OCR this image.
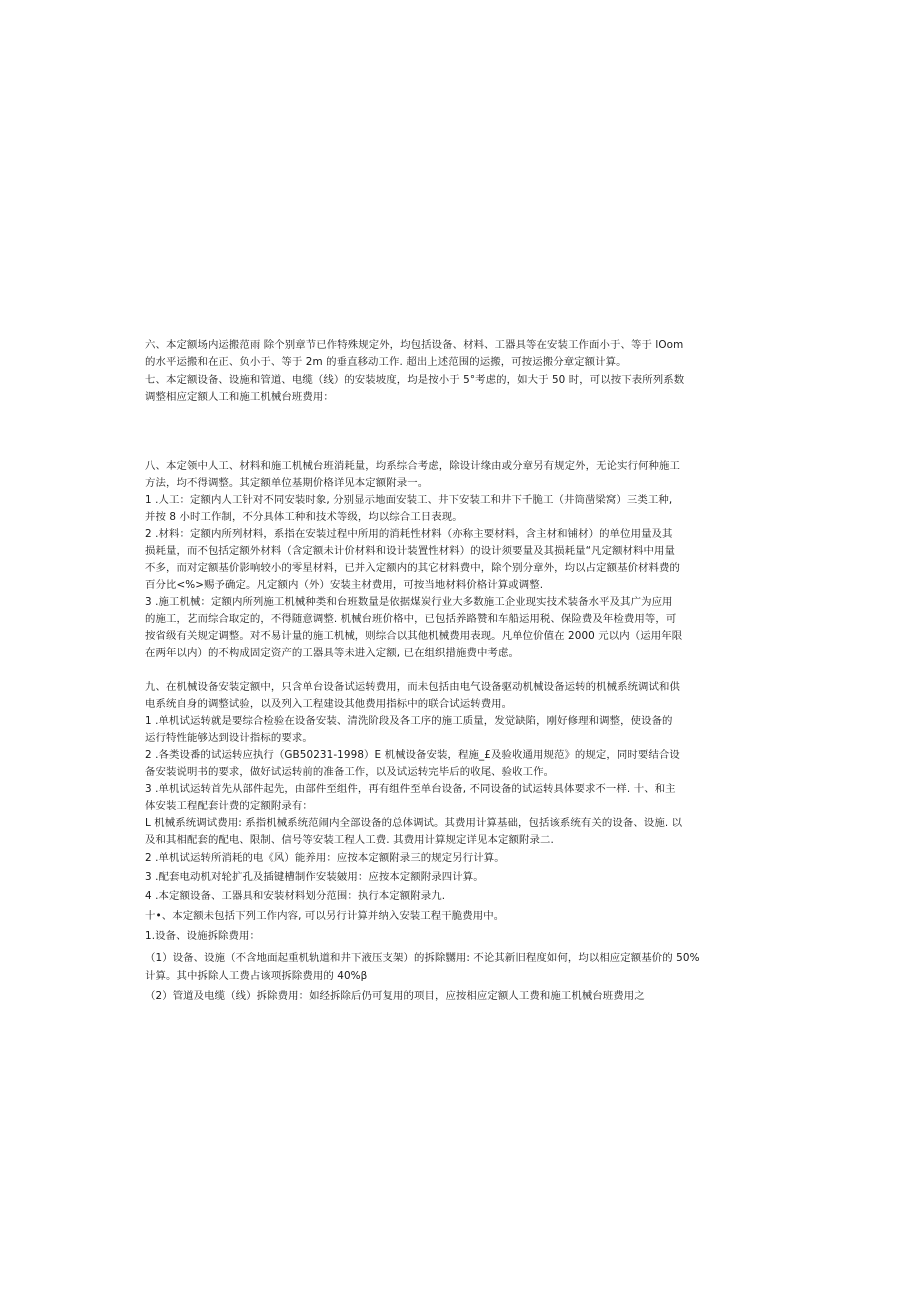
六、本定额场内运搬范雨 除个别章节已作特殊规定外，均包括设备、材料、工器具等在安装工作面小于、等于 lOom
的水平运搬和在正、负小于、等于 2m 的垂直移动工作. 超出上述范围的运搬，可按运搬分章定额计算。
七、本定额设备、设施和管道、电缆（线）的安装坡度，均是按小于 5°考虑的，如大于 50 时，可以按下表所列系数
调整相应定额人工和施工机械台班费用：
八、本定领中人工、材料和施工机械台班消耗量，均系综合考虑，除设计缘由或分章另有规定外，无论实行何种施工
方法，均不得调整。其定额单位基期价格详见本定额附录一。
1 .人工：定额内人工针对不同安装时象, 分别显示地面安装工、井下安装工和井下千脆工（井筒凿梁窝）三类工种,
并按 8 小时工作制，不分具体工种和技术等级，均以综合工日表现。
2 .材料：定额内所列材料，系指在安装过程中所用的消耗性材料（亦称主要材料，含主材和铺材）的单位用量及其
损耗量，而不包括定额外材料（含定额未计价材料和设计装置性材料）的设计须要量及其损耗量“凡定额材料中用量
不多，而对定额基价影响较小的零星材料，已并入定额内的其它材料费中，除个别分章外，均以占定额基价材料费的
百分比<%>赐予确定。凡定额内（外）安装主材费用，可按当地材料价格计算或调整.
3 .施工机械：定额内所列施工机械种类和台班数量是依据煤炭行业大多数施工企业现实技术装备水平及其广为应用
的施工，艺而综合取定的，不得随意调整. 机械台班价格中，已包括养路赞和车船运用税、保险费及年检费用等，可
按省级有关规定调整。对不易计量的施工机械，则综合以其他机械费用表现。凡单位价值在 2000 元以内（运用年限
在两年以内）的不构成固定资产的工器具等未进入定额, 已在组织措施费中考虑。
九、在机械设备安装定额中，只含单台设备试运转费用，而未包括由电气设备驱动机械设备运转的机械系统调试和供
电系统自身的调整试验，以及列入工程建设其他费用指标中的联合试运转费用。
1 .单机试运转就是要综合检验在设备安装、清洗阶段及各工序的施工质量，发觉缺陷，刚好修理和调整，使设备的
运行特性能够达到设计指标的要求。
2 .各类设番的试运转应执行（GB50231-1998）E 机械设备安装，程施_£及验收通用规范》的规定，同时要结合设
备安装说明书的要求，做好试运转前的准备工作，以及试运转完毕后的收尾、验收工作。
3 .单机试运转首先从部件起先，由部件至组件，再有组件至单台设备, 不同设备的试运转具体要求不一样. 十、和主
体安装工程配套计费的定额附录有：
L 机械系统调试费用: 系指机械系统范闹内全部设备的总体调试。其费用计算基础，包括该系统有关的设备、设施. 以
及和其相配套的配电、限制、信号等安装工程人工费. 其费用计算规定详见本定额附录二.
2 .单机试运转所消耗的电《风）能养用：应按本定额附录三的规定另行计算。
3 .配套电动机对轮扩孔及插键槽制作安装皴用：应按本定额附录四计算。
4 .本定额设备、工器具和安装材料划分范围：执行本定额附录九.
十•、本定额未包括下列工作内容, 可以另行计算并纳入安装工程干脆费用中。
1.设备、设施拆除费用：
（1）设备、设施（不含地面起重机轨道和井下液压支架）的拆除嬲用: 不论其新旧程度如何，均以相应定额基价的 50%
计算。其中拆除人工费占该项拆除费用的 40%β
（2）管道及电缆（线）拆除费用：如经拆除后仍可复用的项目，应按相应定额人工费和施工机械台班费用之
